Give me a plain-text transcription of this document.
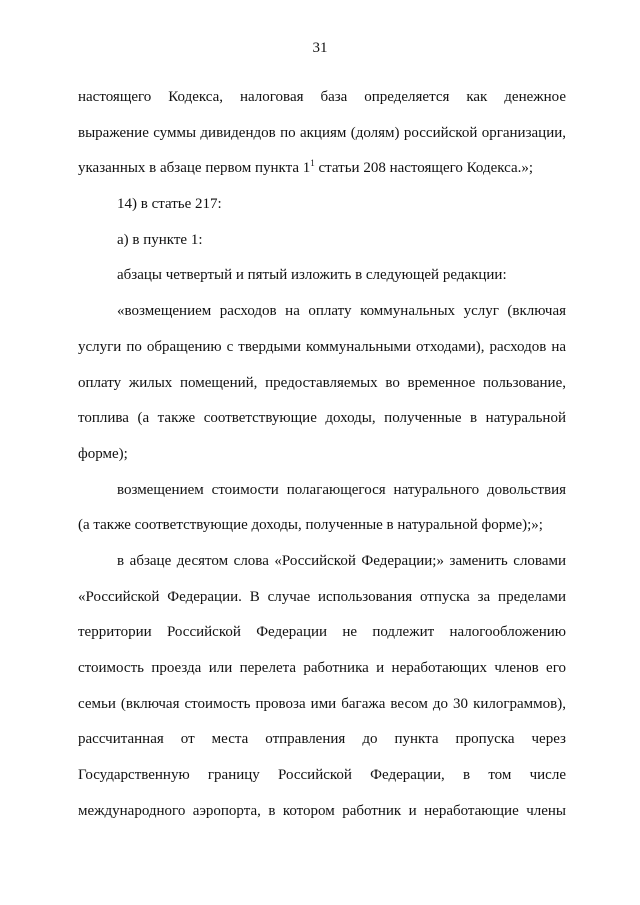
31
настоящего Кодекса, налоговая база определяется как денежное
выражение суммы дивидендов по акциям (долям) российской организации,
указанных в абзаце первом пункта $1^1$ статьи 208 настоящего Кодекса.»;
14) в статье 217:
а) в пункте 1:
абзацы четвертый и пятый изложить в следующей редакции:
«возмещением расходов на оплату коммунальных услуг (включая
услуги по обращению с твердыми коммунальными отходами), расходов на
оплату жилых помещений, предоставляемых во временное пользование,
топлива (а также соответствующие доходы, полученные в натуральной
форме);
возмещением стоимости полагающегося натурального довольствия
(а также соответствующие доходы, полученные в натуральной форме);»;
в абзаце десятом слова «Российской Федерации;» заменить словами
«Российской Федерации. В случае использования отпуска за пределами
территории Российской Федерации не подлежит налогообложению
стоимость проезда или перелета работника и неработающих членов его
семьи (включая стоимость провоза ими багажа весом до 30 килограммов),
рассчитанная от места отправления до пункта пропуска через
Государственную границу Российской Федерации, в том числе
международного аэропорта, в котором работник и неработающие члены
